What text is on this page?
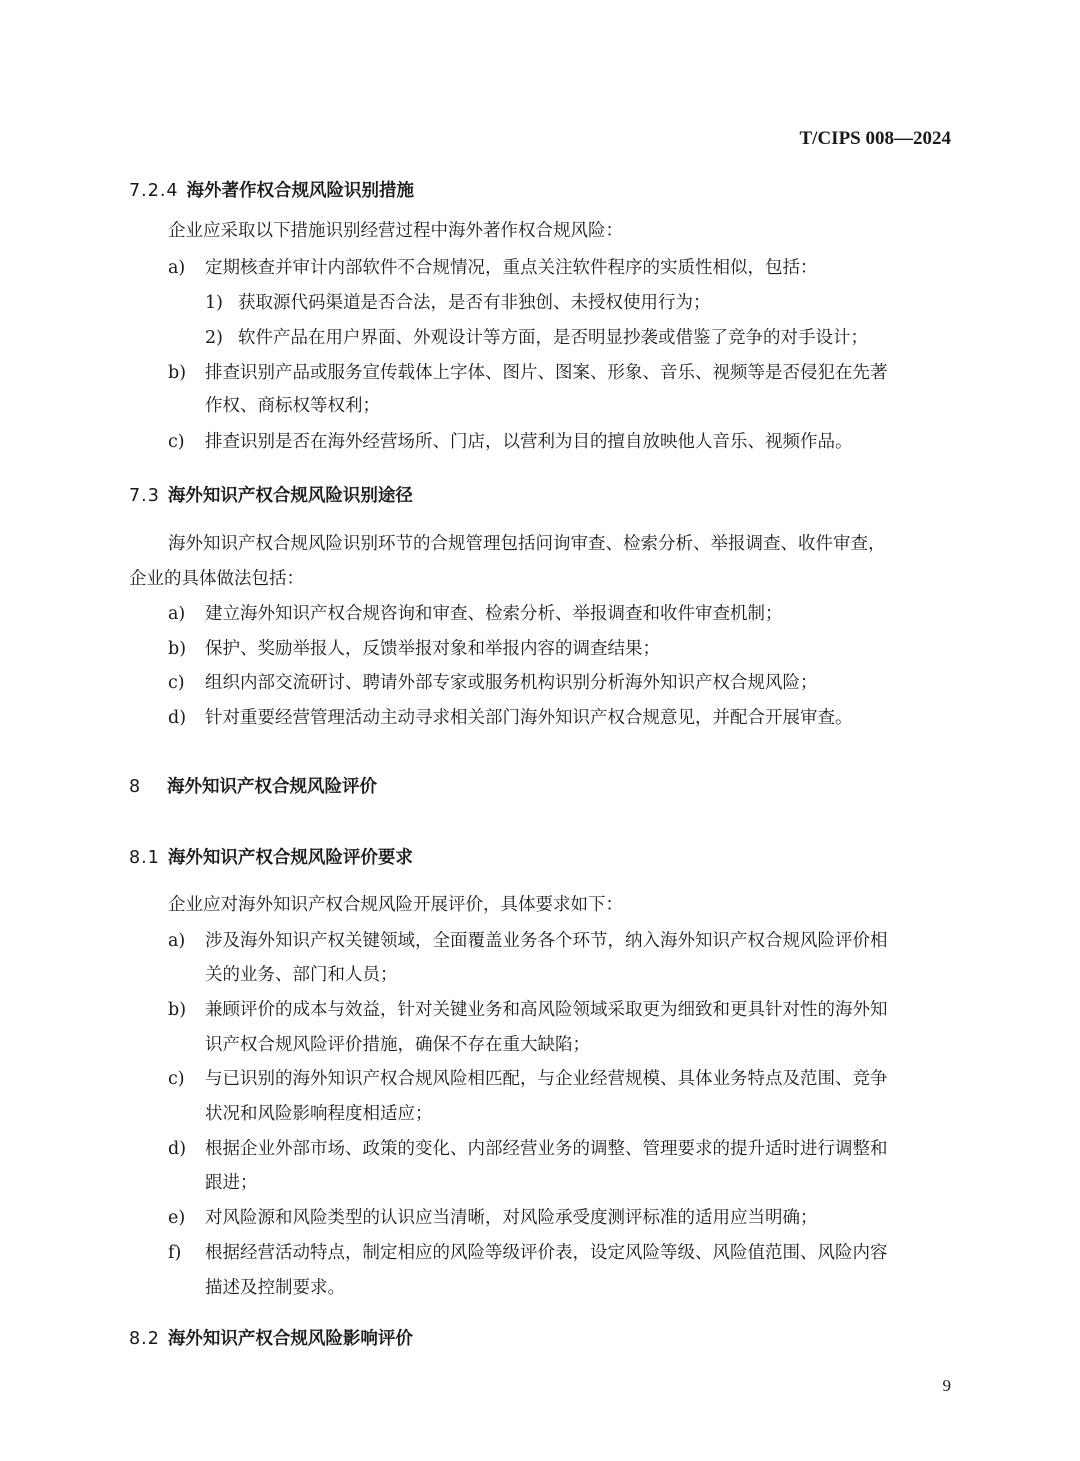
T/CIPS 008—2024
7.2.4 海外著作权合规风险识别措施
企业应采取以下措施识别经营过程中海外著作权合规风险：
a) 定期核查并审计内部软件不合规情况，重点关注软件程序的实质性相似，包括：
1) 获取源代码渠道是否合法，是否有非独创、未授权使用行为；
2) 软件产品在用户界面、外观设计等方面，是否明显抄袭或借鉴了竞争的对手设计；
b) 排查识别产品或服务宣传载体上字体、图片、图案、形象、音乐、视频等是否侵犯在先著
作权、商标权等权利；
c) 排查识别是否在海外经营场所、门店，以营利为目的擅自放映他人音乐、视频作品。
7.3 海外知识产权合规风险识别途径
海外知识产权合规风险识别环节的合规管理包括问询审查、检索分析、举报调查、收件审查，
企业的具体做法包括：
a) 建立海外知识产权合规咨询和审查、检索分析、举报调查和收件审查机制；
b) 保护、奖励举报人，反馈举报对象和举报内容的调查结果；
c) 组织内部交流研讨、聘请外部专家或服务机构识别分析海外知识产权合规风险；
d) 针对重要经营管理活动主动寻求相关部门海外知识产权合规意见，并配合开展审查。
8 海外知识产权合规风险评价
8.1 海外知识产权合规风险评价要求
企业应对海外知识产权合规风险开展评价，具体要求如下：
a) 涉及海外知识产权关键领域，全面覆盖业务各个环节，纳入海外知识产权合规风险评价相
关的业务、部门和人员；
b) 兼顾评价的成本与效益，针对关键业务和高风险领域采取更为细致和更具针对性的海外知
识产权合规风险评价措施，确保不存在重大缺陷；
c) 与已识别的海外知识产权合规风险相匹配，与企业经营规模、具体业务特点及范围、竞争
状况和风险影响程度相适应；
d) 根据企业外部市场、政策的变化、内部经营业务的调整、管理要求的提升适时进行调整和
跟进；
e) 对风险源和风险类型的认识应当清晰，对风险承受度测评标准的适用应当明确；
f) 根据经营活动特点，制定相应的风险等级评价表，设定风险等级、风险值范围、风险内容
描述及控制要求。
8.2 海外知识产权合规风险影响评价
9
